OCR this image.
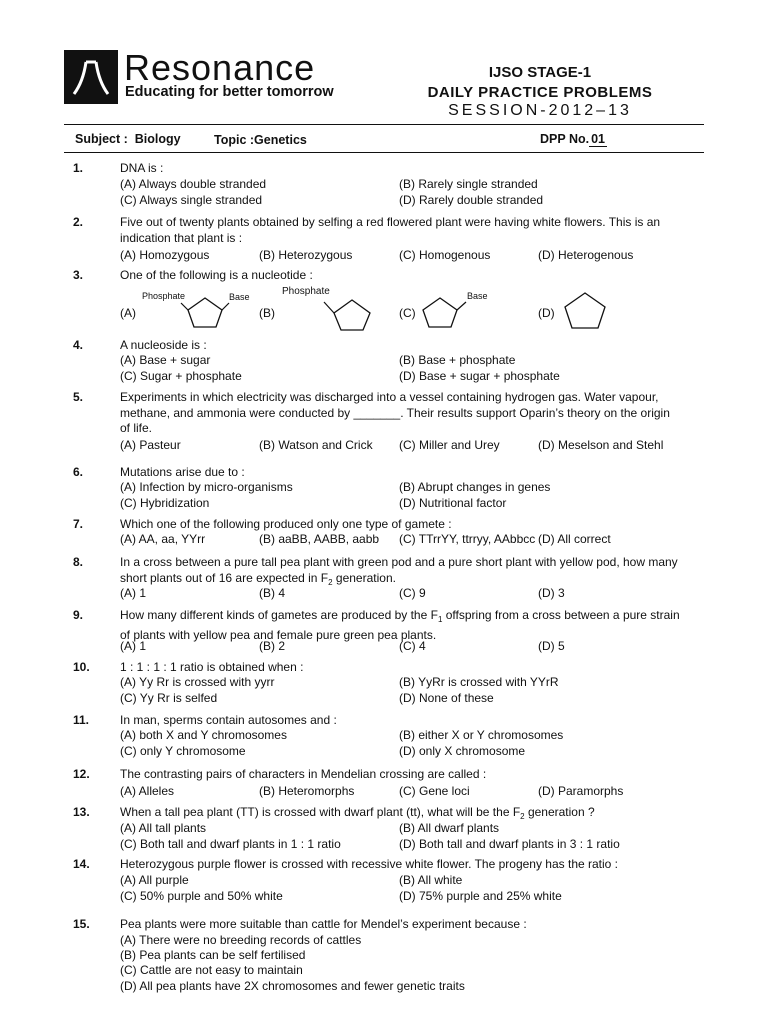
Resonance
Educating for better tomorrow
IJSO STAGE-1
DAILY PRACTICE PROBLEMS
SESSION-2012–13
Subject : Biology	Topic :Genetics	DPP No. 01
1.	DNA is :
(A) Always double stranded	(B) Rarely single stranded
(C) Always single stranded	(D) Rarely double stranded
2.	Five out of twenty plants obtained by selfing a red flowered plant were having white flowers. This is an indication that plant is :
(A) Homozygous	(B) Heterozygous	(C) Homogenous	(D) Heterogenous
3.	One of the following is a nucleotide :
(A)	(B)	(C)	(D)
Phosphate	Base	Phosphate	Base
4.	A nucleoside is :
(A) Base + sugar	(B) Base + phosphate
(C) Sugar + phosphate	(D) Base + sugar + phosphate
5.	Experiments in which electricity was discharged into a vessel containing hydrogen gas. Water vapour,
methane, and ammonia were conducted by _______. Their results support Oparin’s theory on the origin
of life.
(A) Pasteur	(B) Watson and Crick (C) Miller and Urey	(D) Meselson and Stehl
6.	Mutations arise due to :
(A) Infection by micro-organisms	(B) Abrupt changes in genes
(C) Hybridization	(D) Nutritional factor
7.	Which one of the following produced only one type of gamete :
(A) AA, aa, YYrr	(B) aaBB, AABB, aabb (C) TTrrYY, ttrryy, AAbbcc (D) All correct
8.	In a cross between a pure tall pea plant with green pod and a pure short plant with yellow pod, how many
short plants out of 16 are expected in $F_2$ generation.
(A) 1	(B) 4	(C) 9	(D) 3
9.	How many different kinds of gametes are produced by the $F_1$ offspring from a cross between a pure strain
of plants with yellow pea and female pure green pea plants.
(A) 1	(B) 2	(C) 4	(D) 5
10.	1 : 1 : 1 : 1 ratio is obtained when :
(A) Yy Rr is crossed with yyrr	(B) YyRr is crossed with YYrR
(C) Yy Rr is selfed	(D) None of these
11.	In man, sperms contain autosomes and :
(A) both X and Y chromosomes	(B) either X or Y chromosomes
(C) only Y chromosome	(D) only X chromosome
12.	The contrasting pairs of characters in Mendelian crossing are called :
(A) Alleles	(B) Heteromorphs	(C) Gene loci	(D) Paramorphs
13.	When a tall pea plant (TT) is crossed with dwarf plant (tt), what will be the $F_2$ generation ?
(A) All tall plants	(B) All dwarf plants
(C) Both tall and dwarf plants in 1 : 1 ratio	(D) Both tall and dwarf plants in 3 : 1 ratio
14.	Heterozygous purple flower is crossed with recessive white flower. The progeny has the ratio :
(A) All purple	(B) All white
(C) 50% purple and 50% white	(D) 75% purple and 25% white
15.	Pea plants were more suitable than cattle for Mendel’s experiment because :
(A) There were no breeding records of cattles
(B) Pea plants can be self fertilised
(C) Cattle are not easy to maintain
(D) All pea plants have 2X chromosomes and fewer genetic traits
